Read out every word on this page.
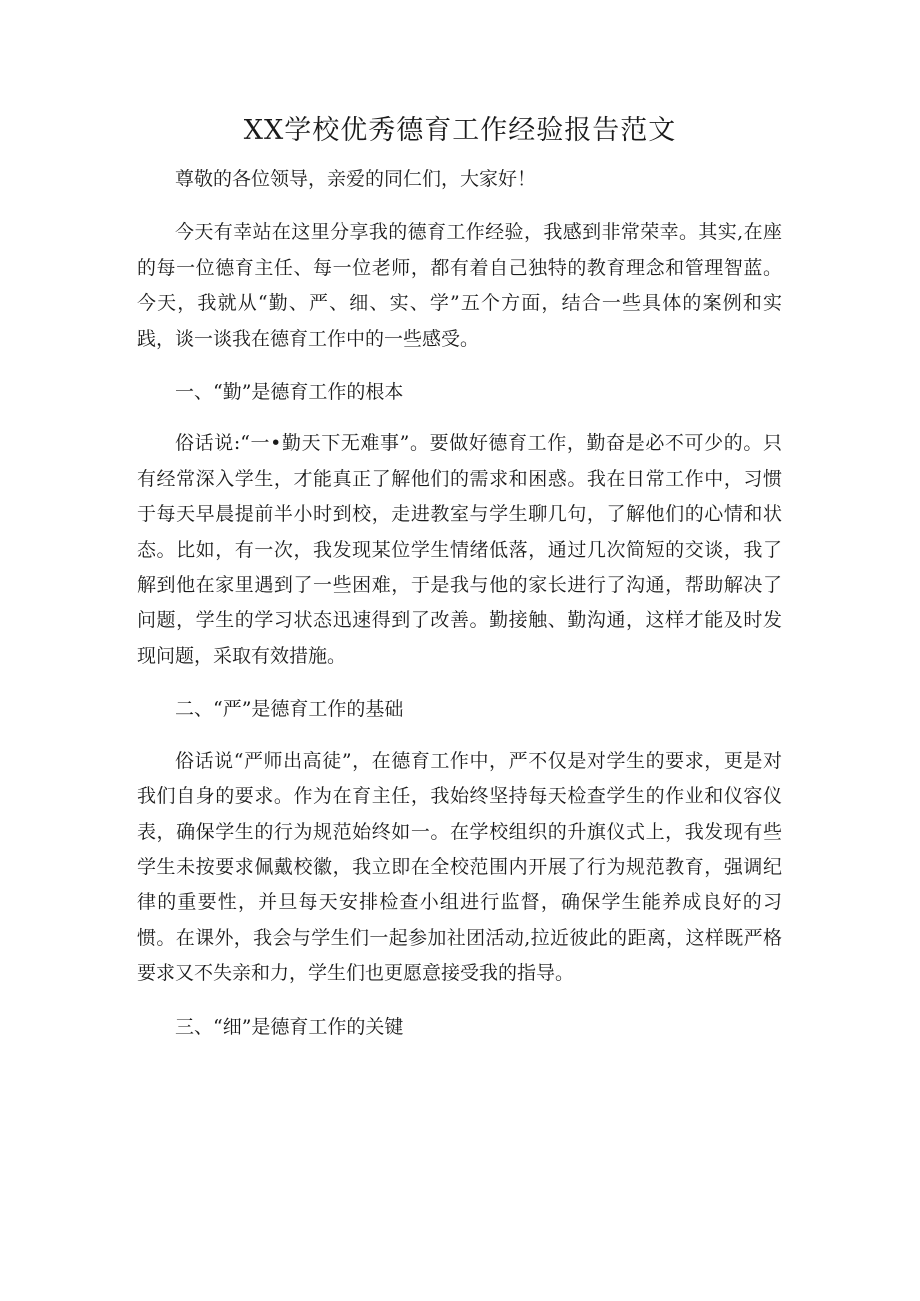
XX学校优秀德育工作经验报告范文

尊敬的各位领导，亲爱的同仁们，大家好！

今天有幸站在这里分享我的德育工作经验，我感到非常荣幸。其实,在座的每一位德育主任、每一位老师，都有着自己独特的教育理念和管理智蓝。今天，我就从“勤、严、细、实、学”五个方面，结合一些具体的案例和实践，谈一谈我在德育工作中的一些感受。

一、“勤”是德育工作的根本

俗话说:“一•勤天下无难事”。要做好德育工作，勤奋是必不可少的。只有经常深入学生，才能真正了解他们的需求和困惑。我在日常工作中，习惯于每天早晨提前半小时到校，走进教室与学生聊几句，了解他们的心情和状态。比如，有一次，我发现某位学生情绪低落，通过几次简短的交谈，我了解到他在家里遇到了一些困难，于是我与他的家长进行了沟通，帮助解决了问题，学生的学习状态迅速得到了改善。勤接触、勤沟通，这样才能及时发现问题，采取有效措施。

二、“严”是德育工作的基础

俗话说“严师出高徒”，在德育工作中，严不仅是对学生的要求，更是对我们自身的要求。作为在育主任，我始终坚持每天检查学生的作业和仪容仪表，确保学生的行为规范始终如一。在学校组织的升旗仪式上，我发现有些学生未按要求佩戴校徽，我立即在全校范围内开展了行为规范教育，强调纪律的重要性，并旦每天安排检查小组进行监督，确保学生能养成良好的习惯。在课外，我会与学生们一起参加社团活动,拉近彼此的距离，这样既严格要求又不失亲和力，学生们也更愿意接受我的指导。

三、“细”是德育工作的关键
